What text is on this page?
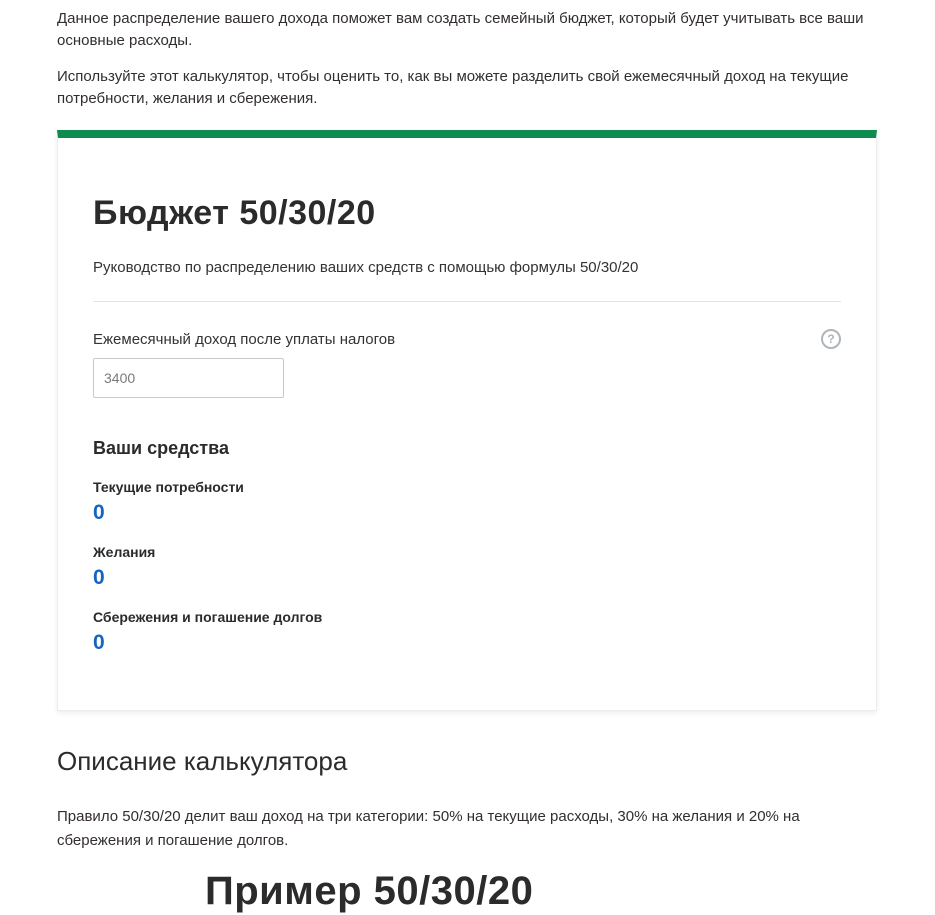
Данное распределение вашего дохода поможет вам создать семейный бюджет, который будет учитывать все ваши основные расходы.

Используйте этот калькулятор, чтобы оценить то, как вы можете разделить свой ежемесячный доход на текущие потребности, желания и сбережения.

Бюджет 50/30/20

Руководство по распределению ваших средств с помощью формулы 50/30/20

Ежемесячный доход после уплаты налогов	?
3400
Ваши средства
Текущие потребности
0
Желания
0
Сбережения и погашение долгов
0
Описание калькулятора

Правило 50/30/20 делит ваш доход на три категории: 50% на текущие расходы, 30% на желания и 20% на сбережения и погашение долгов.

Пример 50/30/20
